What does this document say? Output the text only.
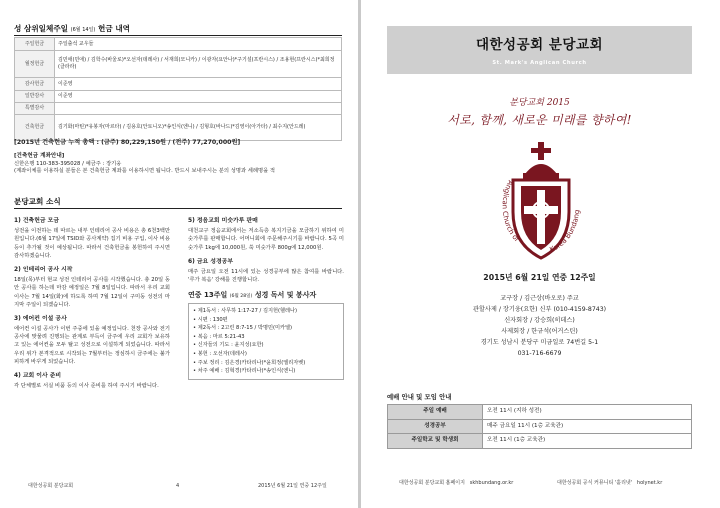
성 삼위일체주일 (6월 14일) 헌금 내역
주일헌금	주일출석 교우들
월정헌금	김민애(민애) / 김학수(바울로)*오선자(데레사) / 서재희(모니카) / 이광자(요안나)*구기설(프란시스) / 조용현(프란시스)*최희정(클라라)
감사헌금	이준영
일반감사	이준영
특별감사	
건축헌금	김기화(마틴)*유봉자(마르타) / 김용호(안토니오)*송인식(엔니) / 김형호(바나드)*김영이(아가타) / 최수지(안드레)
[2015년 건축헌금 누적 총액 : (금주) 80,229,150원 / (전주) 77,270,000원]
[건축헌금 계좌안내]
신한은행 110-383-395028 / 예금주 : 장기웅
(계좌이체를 이용하실 분들은 본 건축헌금 계좌를 이용하시면 됩니다. 반드시 보내주시는 분의 성명과 세례명을 적
분당교회 소식
1) 건축헌금 모금

성전을 이전하는 데 따르는 내부 인테리어 공사 비용은 총 6천3백만원입니다.(6월 17일에 TSID와 공사계약) 집기 비용 구입, 이사 비용 등이 추가될 것이 예상됩니다. 따라서 건축헌금을 봉헌하여 주시면 감사하겠습니다.

2) 인테리어 공사 시작

18일(목)부터 현교 성전 인테리어 공사를 시작했습니다. 총 20일 동안 공사를 하는데 마감 예정일은 7월 8일입니다. 따라서 우리 교회 이사는 7월 14일(화)에 하도록 하며 7월 12일이 구미동 성전의 마지막 주일이 되겠습니다.

3) 에어컨 이설 공사

에어컨 이설 공사가 이번 주중에 있을 예정입니다. 천장 공사와 전기 공사에 맞물려 진행되는 관계로 부득이 금주에 우리 교회가 보유하고 있는 에어컨을 모두 탈고 성전으로 이설하게 되었습니다. 따라서 우리 위가 본격적으로 시작되는 7월부터는 정심하시 금주에는 불가피하게 바꾸게 되었습니다.

4) 교회 이사 준비

각 단체별로 서실 비품 등의 이사 준비를 하여 주시기 바랍니다.

5) 정음교회 미숫가루 판매

대천교구 정음교회에서는 저소득층 복지기금을 모금하기 위하여 미숫가루를 판매합니다. 어머니회에 주문해주시기를 바랍니다. 5곡 미숫가루 1kg에 10,000원, 쑥 미숫가루 800g에 12,000원.

6) 금요 성경공부

매주 금요일 오전 11시에 있는 성경공부에 많은 참여를 바랍니다. '루가 복음' 강해를 진행합니다.

연중 13주일 (6월 28일) 성경 독서 및 봉사자
• 제1독서 : 사무하 1:17-27 / 김지헌(헬레나)
• 시편 : 130편
• 제2독서 : 2고린 8:7-15 / 박명민(미카엘)
• 복음 : 마르 5:21-43
• 신자들의 기도 : 윤지성(요한)
• 봉헌 : 오선자(데레사)
• 주보 정리 : 김은경(카타리나)*윤희정(엘리자벳)
• 차주 예배 : 김혁경(카타리나)*송인식(엔니)
대한성공회 분당교회	4	2015년 6월 21일 연중 12주일
대한성공회 분당교회
St. Mark's Anglican Church
분당교회 2015
서로, 함께, 새로운 미래를 향하여!
Anglican Church of
Korea Bundang
2015년 6월 21일 연중 12주일
교구장 / 김근상(바오로) 주교
관할사제 / 장기웅(요한) 신부 (010-4159-8743)
신자회장 / 강승희(히데스)
사제회장 / 한규석(어거스틴)
경기도 성남시 분당구 미금일로 74번길 5-1
031-716-6679
예배 안내 및 모임 안내
주일 예배	오전 11시 (지하 성전)
성경공부	매주 금요일 11시 (1층 교육관)
주일학교 및 학생회	오전 11시 (1층 교육관)
대한성공회 분당교회 홈페이지 skhbundang.or.kr	대한성공회 공식 커뮤니티 '홀리넷' holynet.kr
